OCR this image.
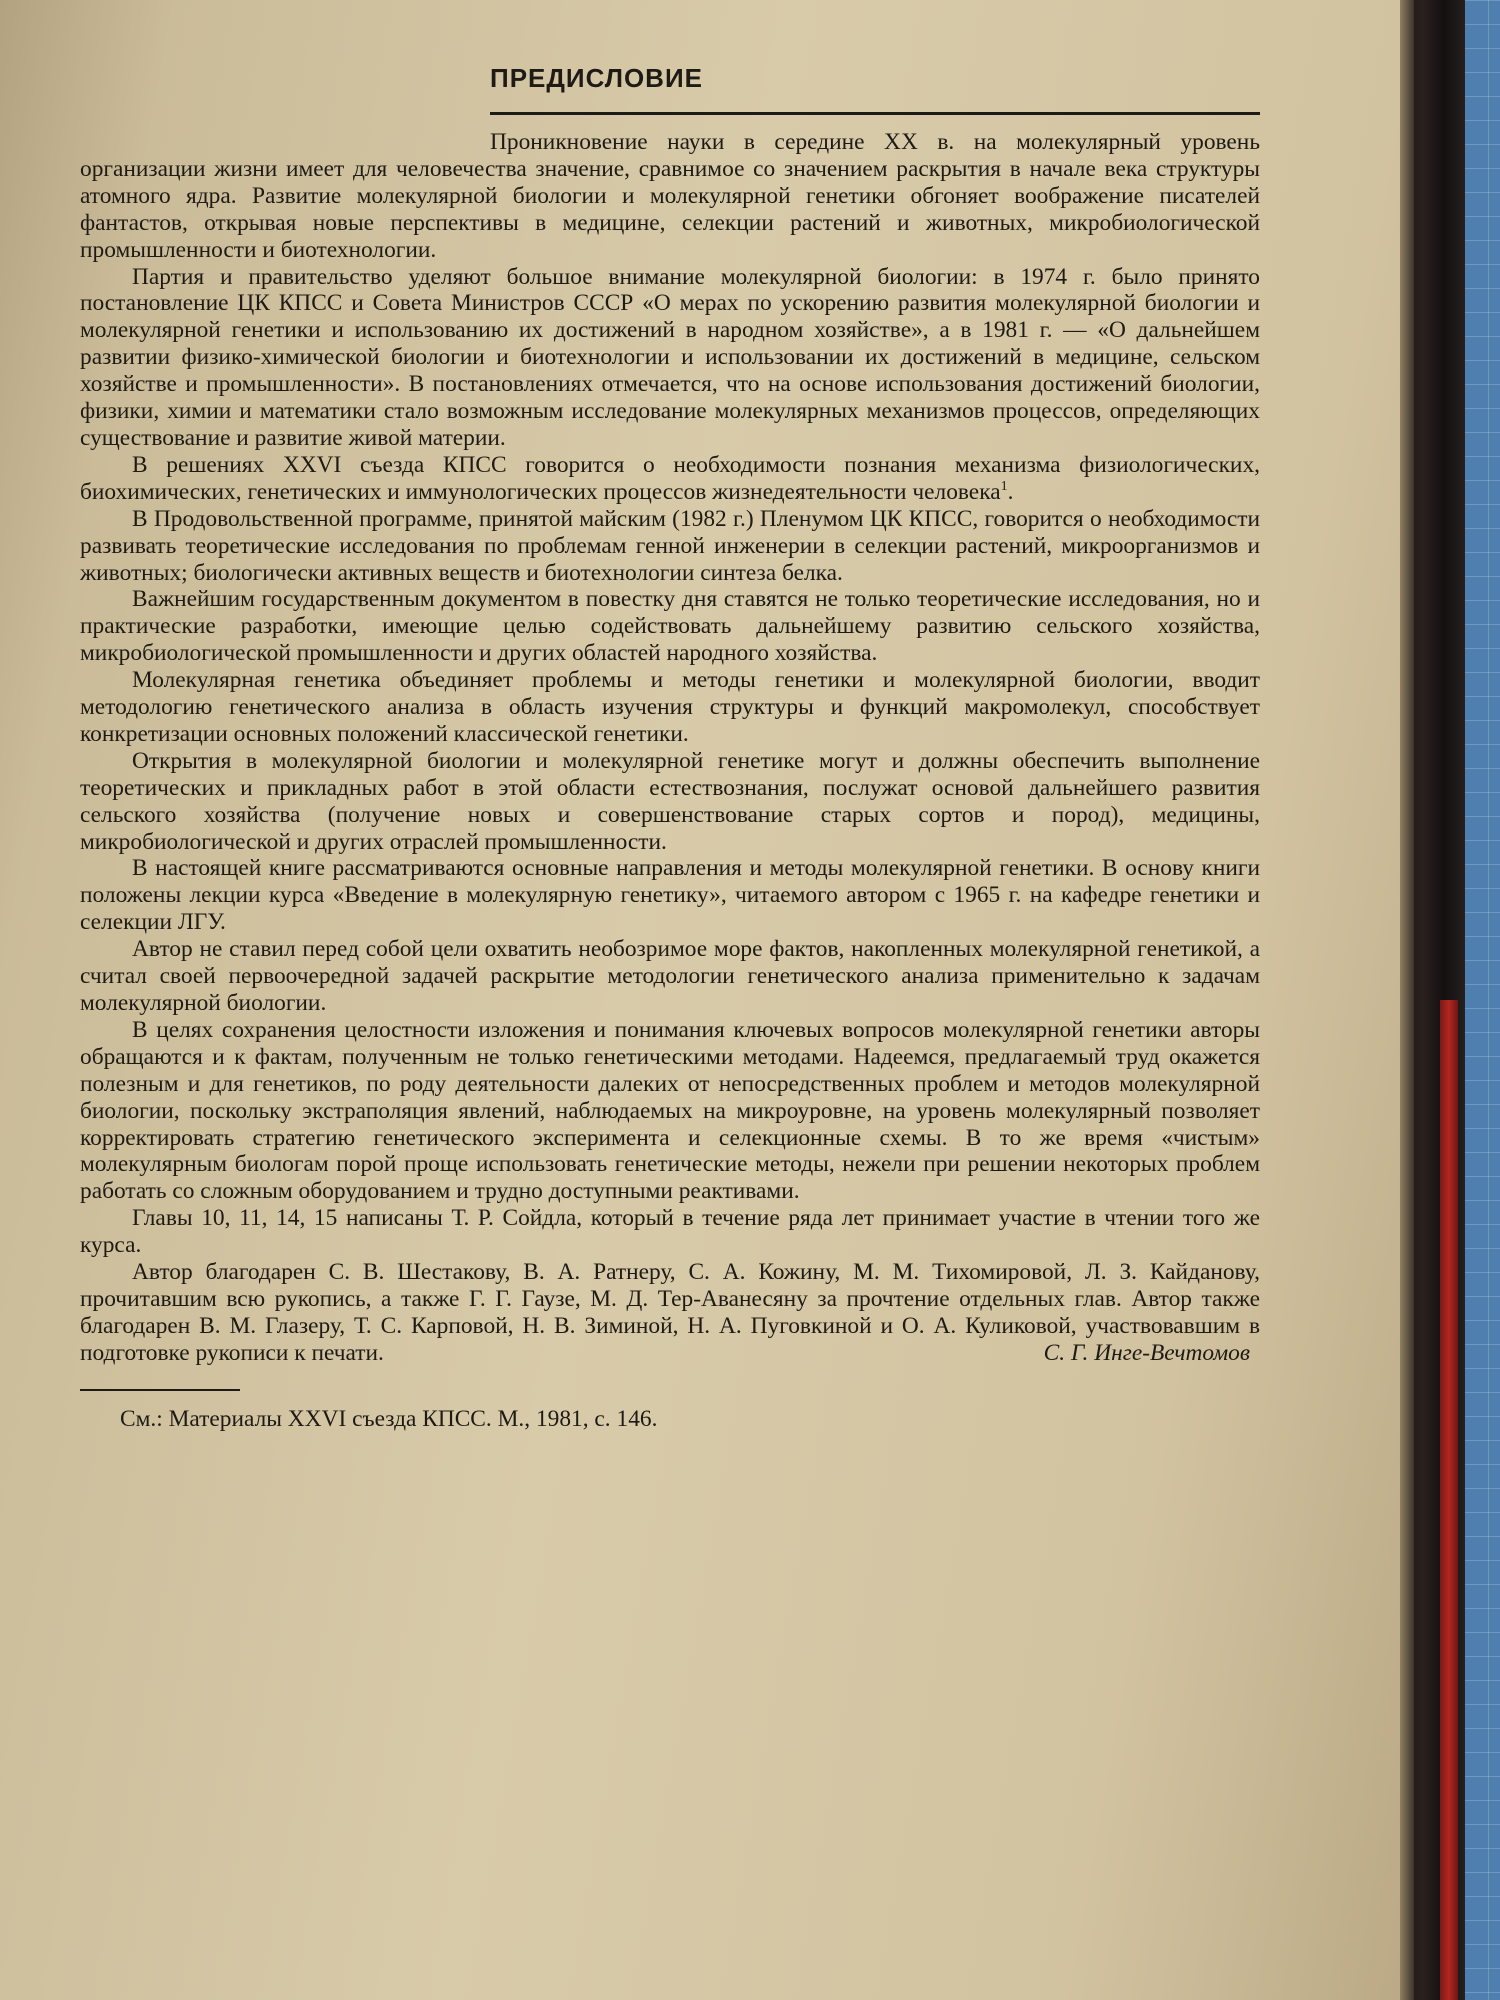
ПРЕДИСЛОВИЕ

Проникновение науки в середине XX в. на молекулярный уровень организации жизни имеет для человечества значение, сравнимое со значением раскрытия в начале века структуры атомного ядра. Развитие молекулярной биологии и молекулярной генетики обгоняет воображение писателей фантастов, открывая новые перспективы в медицине, селекции растений и животных, микробиологической промышленности и биотехнологии.

Партия и правительство уделяют большое внимание молекулярной биологии: в 1974 г. было принято постановление ЦК КПСС и Совета Министров СССР «О мерах по ускорению развития молекулярной биологии и молекулярной генетики и использованию их достижений в народном хозяйстве», а в 1981 г. — «О дальнейшем развитии физико-химической биологии и биотехнологии и использовании их достижений в медицине, сельском хозяйстве и промышленности». В постановлениях отмечается, что на основе использования достижений биологии, физики, химии и математики стало возможным исследование молекулярных механизмов процессов, определяющих существование и развитие живой материи.

В решениях XXVI съезда КПСС говорится о необходимости познания механизма физиологических, биохимических, генетических и иммунологических процессов жизнедеятельности человека$^1$.

В Продовольственной программе, принятой майским (1982 г.) Пленумом ЦК КПСС, говорится о необходимости развивать теоретические исследования по проблемам генной инженерии в селекции растений, микроорганизмов и животных; биологически активных веществ и биотехнологии синтеза белка.

Важнейшим государственным документом в повестку дня ставятся не только теоретические исследования, но и практические разработки, имеющие целью содействовать дальнейшему развитию сельского хозяйства, микробиологической промышленности и других областей народного хозяйства.

Молекулярная генетика объединяет проблемы и методы генетики и молекулярной биологии, вводит методологию генетического анализа в область изучения структуры и функций макромолекул, способствует конкретизации основных положений классической генетики.

Открытия в молекулярной биологии и молекулярной генетике могут и должны обеспечить выполнение теоретических и прикладных работ в этой области естествознания, послужат основой дальнейшего развития сельского хозяйства (получение новых и совершенствование старых сортов и пород), медицины, микробиологической и других отраслей промышленности.

В настоящей книге рассматриваются основные направления и методы молекулярной генетики. В основу книги положены лекции курса «Введение в молекулярную генетику», читаемого автором с 1965 г. на кафедре генетики и селекции ЛГУ.

Автор не ставил перед собой цели охватить необозримое море фактов, накопленных молекулярной генетикой, а считал своей первоочередной задачей раскрытие методологии генетического анализа применительно к задачам молекулярной биологии.

В целях сохранения целостности изложения и понимания ключевых вопросов молекулярной генетики авторы обращаются и к фактам, полученным не только генетическими методами. Надеемся, предлагаемый труд окажется полезным и для генетиков, по роду деятельности далеких от непосредственных проблем и методов молекулярной биологии, поскольку экстраполяция явлений, наблюдаемых на микроуровне, на уровень молекулярный позволяет корректировать стратегию генетического эксперимента и селекционные схемы. В то же время «чистым» молекулярным биологам порой проще использовать генетические методы, нежели при решении некоторых проблем работать со сложным оборудованием и трудно доступными реактивами.

Главы 10, 11, 14, 15 написаны Т. Р. Сойдла, который в течение ряда лет принимает участие в чтении того же курса.

Автор благодарен С. В. Шестакову, В. А. Ратнеру, С. А. Кожину, М. М. Тихомировой, Л. З. Кайданову, прочитавшим всю рукопись, а также Г. Г. Гаузе, М. Д. Тер-Аванесяну за прочтение отдельных глав. Автор также благодарен В. М. Глазеру, Т. С. Карповой, Н. В. Зиминой, Н. А. Пуговкиной и О. А. Куликовой, участвовавшим в подготовке рукописи к печати.	С. Г. Инге-Вечтомов
См.: Материалы XXVI съезда КПСС. М., 1981, с. 146.
